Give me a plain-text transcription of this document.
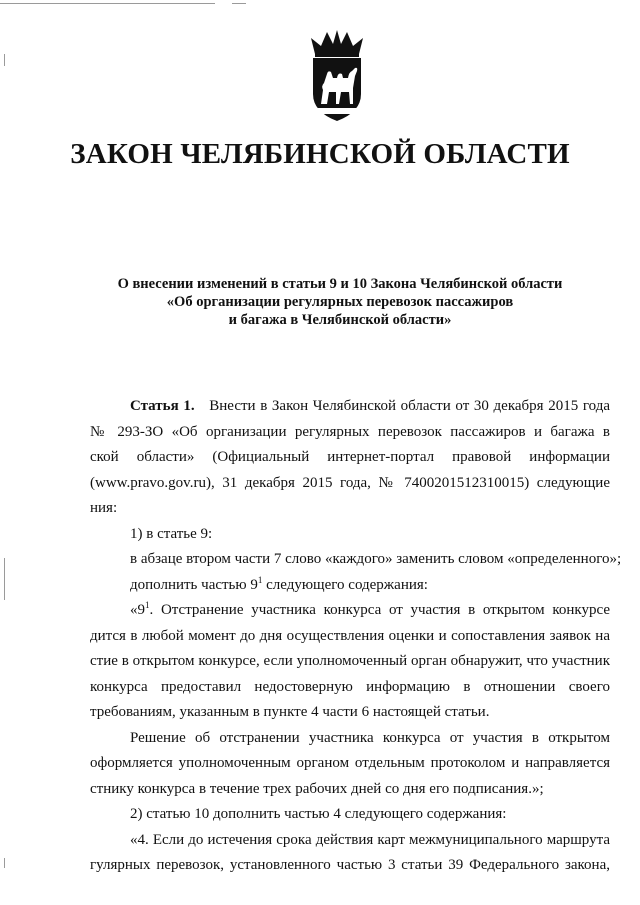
ЗАКОН ЧЕЛЯБИНСКОЙ ОБЛАСТИ
О внесении изменений в статьи 9 и 10 Закона Челябинской области
«Об организации регулярных перевозок пассажиров
и багажа в Челябинской области»
Статья 1. Внести в Закон Челябинской области от 30 декабря 2015 года
№ 293-ЗО «Об организации регулярных перевозок пассажиров и багажа в
ской области» (Официальный интернет-портал правовой информации
(www.pravo.gov.ru), 31 декабря 2015 года, № 7400201512310015) следующие
ния:
1) в статье 9:
в абзаце втором части 7 слово «каждого» заменить словом «определенного»;
дополнить частью $9^1$ следующего содержания:
«$9^1$. Отстранение участника конкурса от участия в открытом конкурсе
дится в любой момент до дня осуществления оценки и сопоставления заявок на
стие в открытом конкурсе, если уполномоченный орган обнаружит, что участник
конкурса предоставил недостоверную информацию в отношении своего
требованиям, указанным в пункте 4 части 6 настоящей статьи.
Решение об отстранении участника конкурса от участия в открытом
оформляется уполномоченным органом отдельным протоколом и направляется
стнику конкурса в течение трех рабочих дней со дня его подписания.»;
2) статью 10 дополнить частью 4 следующего содержания:
«4. Если до истечения срока действия карт межмуниципального маршрута
гулярных перевозок, установленного частью 3 статьи 39 Федерального закона,
